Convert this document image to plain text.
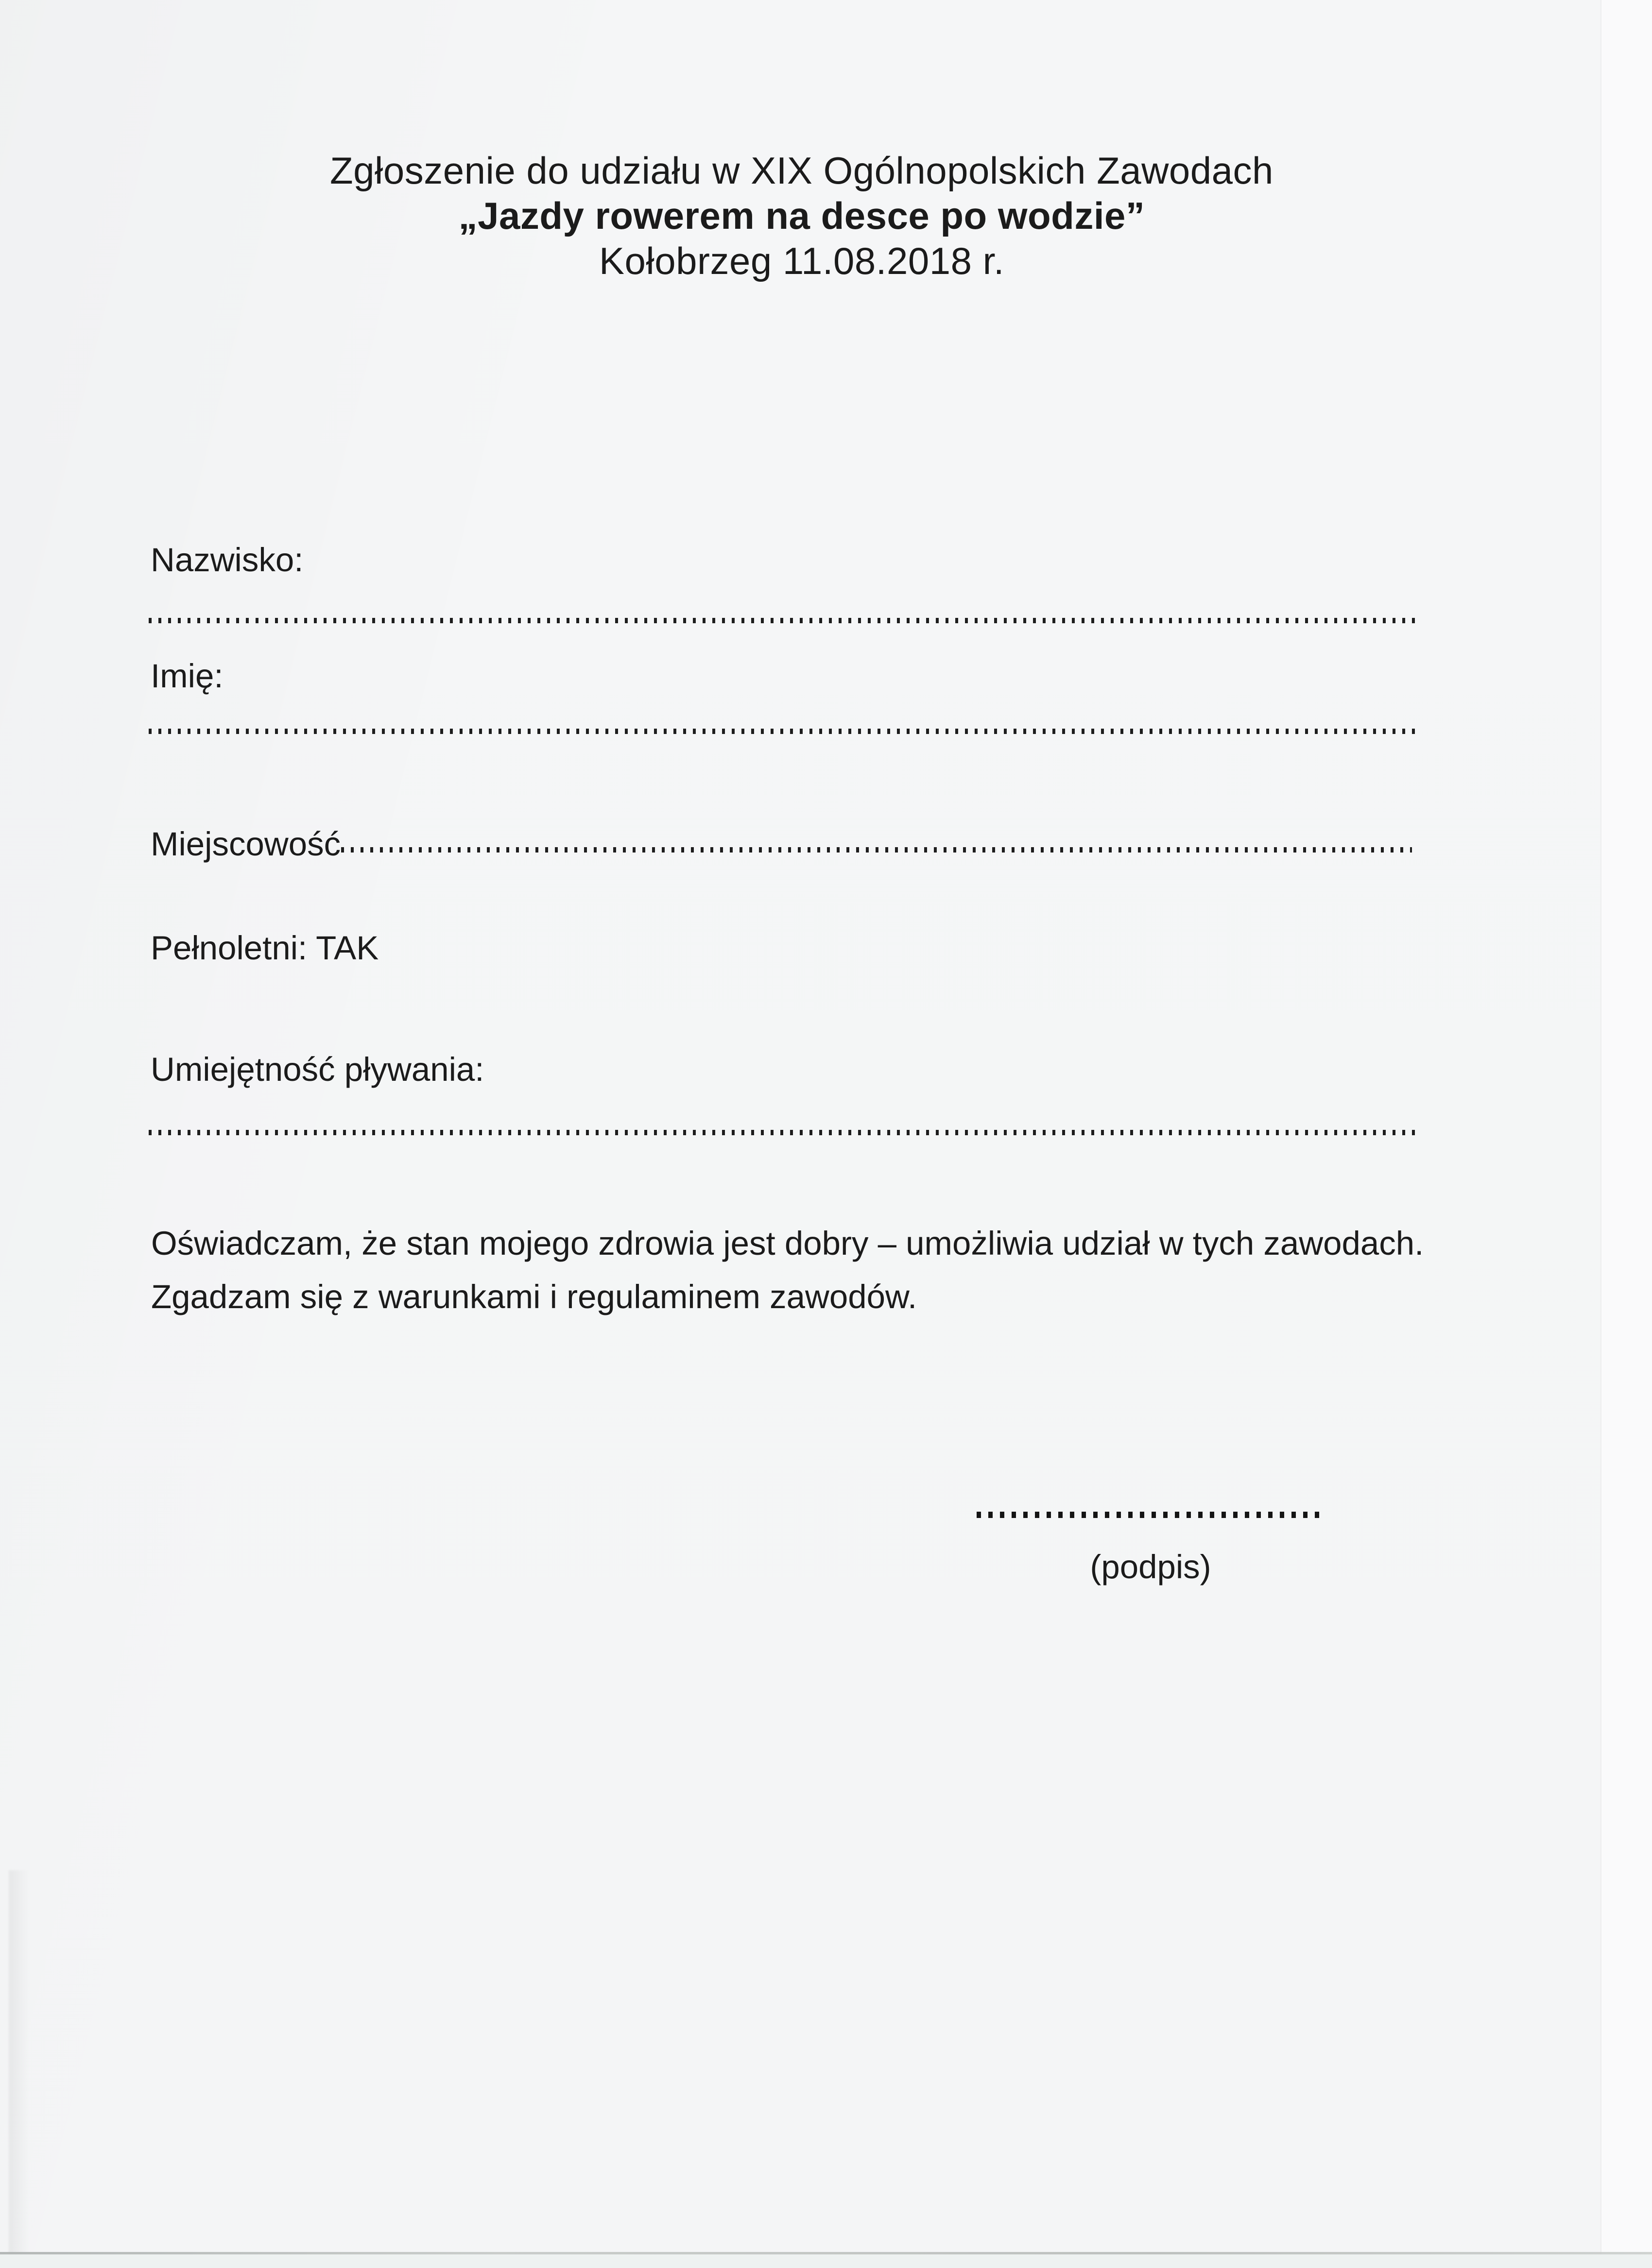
Zgłoszenie do udziału w XIX Ogólnopolskich Zawodach
„Jazdy rowerem na desce po wodzie”
Kołobrzeg 11.08.2018 r.
Nazwisko:
Imię:
Miejscowość
Pełnoletni: TAK
Umiejętność pływania:
Oświadczam, że stan mojego zdrowia jest dobry – umożliwia udział w tych zawodach.
Zgadzam się z warunkami i regulaminem zawodów.
(podpis)
